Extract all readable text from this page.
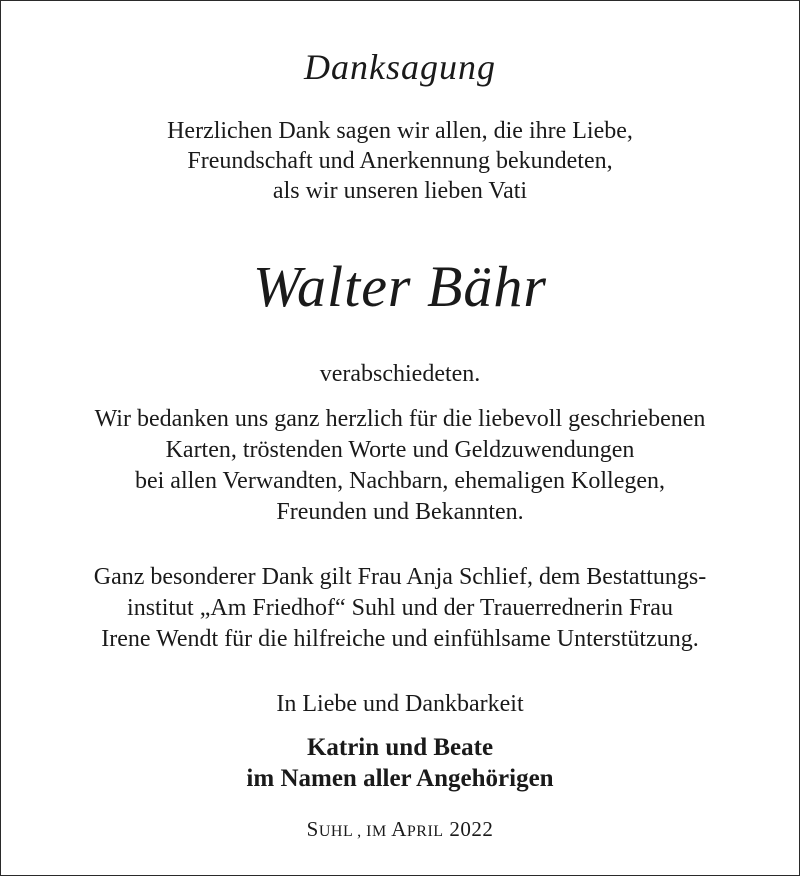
Danksagung
Herzlichen Dank sagen wir allen, die ihre Liebe,
Freundschaft und Anerkennung bekundeten,
als wir unseren lieben Vati
Walter Bähr
verabschiedeten.
Wir bedanken uns ganz herzlich für die liebevoll geschriebenen
Karten, tröstenden Worte und Geldzuwendungen
bei allen Verwandten, Nachbarn, ehemaligen Kollegen,
Freunden und Bekannten.
Ganz besonderer Dank gilt Frau Anja Schlief, dem Bestattungs-
institut „Am Friedhof“ Suhl und der Trauerrednerin Frau
Irene Wendt für die hilfreiche und einfühlsame Unterstützung.
In Liebe und Dankbarkeit
Katrin und Beate
im Namen aller Angehörigen
SUHL , IM APRIL 2022
